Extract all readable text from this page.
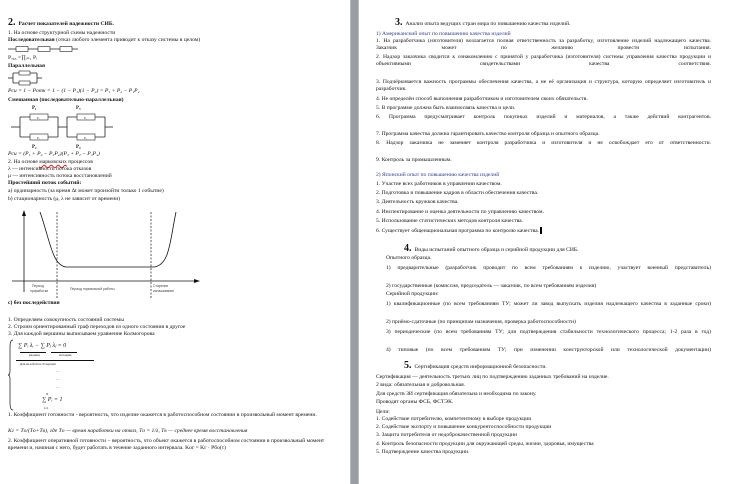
2. Расчет показателей надежности СИБ.
1. На основе структурной схемы надежности
Последовательная (отказ любого элемента приводит к отказу системы в целом)
Pₒ₆₃ =∏ᵢ₌₁ Pᵢ
Параллельная
Pси = 1 − Pотк = 1 − (1 − P₁)(1 − P₂) = P₁ + P₂ − P₁P₂
Смешанная (последовательно-параллельная)
P₁	P₃
P₁
P₁
P₃
P₃
P₂	P₄
Pси = (P₁ + P₂ − P₁P₂)(P₃ + P₄ − P₃P₄)
2. На основе марковских процессов
λ — интенсивность потока отказов
μ — интенсивность потока восстановлений
Простейший поток событий:
a) ординарность (за время Δt может произойти только 1 событие)
b) стационарность (μ, λ не зависит от времени)
Период
приработки	Период нормальной работы
Старение
изнашивание
c) без последействия
1. Определяем совокупность состояний системы
2. Строим ориентированный граф переходов из одного состояния в другое
3. Для каждой вершины выписываем уравнение Колмогорова
∑ Pᵢ λᵢ − ∑ Pⱼ λⱼ = 0
входящ	исходящ
Для каждой из N вершин
...
...
...
N
∑ Pᵢ = 1
i=1
1. Коэффициент готовности - вероятность, что изделие окажется в работоспособном состоянии в произвольный момент времени.
Kг = Tо/(Tо+Tв), где Tо — время наработки на отказ, Tо = 1/λ, Tв — среднее время восстановления
2. Коэффициент оперативной готовности − вероятность, что объект окажется в работоспособном состоянии в произвольный момент времени и, начиная с него, будет работать в течение заданного интервала. Kог = Kг · Pбо(τ)
3. Анализ опыта ведущих стран мира по повышению качества изделий.
1) Американский опыт по повышению качества изделий
1. На разработчика (изготовителя) возлагается полная ответственность за разработку, изготовление изделий надлежащего качества. Заказчик может по желанию провести испытания.
2. Надзор заказчика сводится к ознакомлению с принятой у разработчика (изготовителя) системы управления качества продукции и объективными свидетельствами качества соответствия.
3. Подчёркивается важность программы обеспечения качества, а не её организация и структура, которую определяет изготовитель и разработчик.
4. Не определён способ выполнения разработчиком и изготовителем своих обязательств.
5. В программе должна быть взаимосвязь качества и цели.
6. Программа предусматривает контроль покупных изделий и материалов, а также действий контрагентов.
7. Программа качества должна гарантировать качество контроля образца и опытного образца.
8. Надзор заказчика не заменяет контроля разработчика и изготовителя и не освобождает его от ответственности.
9. Контроль за промышленным.
2) Японский опыт по повышению качества изделий
1. Участие всех работников в управлении качеством.
2. Подготовка и повышение кадров в области обеспечения качества.
3. Деятельность кружков качества.
4. Инспектирование и оценка деятельности по управлению качеством.
5. Использование статистических методов контроля качества.
6. Существует общенациональная программа по контролю качества.
4. Виды испытаний опытного образца и серийной продукции для СИБ.
Опытного образца.
1) предварительные (разработчик проводит по всем требованиям к изделию, участвует военный представитель)
2) государственные (комиссия, председатель — заказчик, по всем требованиям изделия)
Серийной продукции:
1) квалификационные (по всем требованиям ТУ; может ли завод выпускать изделия надлежащего качества в заданные сроки)
2) приёмо-сдаточные (по принципам назначения, проверка работоспособности)
3) периодические (по всем требованиям ТУ; для подтверждения стабильности технологического процесса; 1-2 раза в год)
4) типовые (по всем требованиям ТУ; при изменении конструкторской или технологической документации)
5. Сертификация средств информационной безопасности.
Сертификация — деятельность третьих лиц по подтверждению заданных требований на изделие.
2 вида: обязательная и добровольная.
Для средств ЗИ сертификация обязательна и необходима по закону.
Проводят органы ФСБ, ФСТЭК.
Цели:
1. Содействие потребителю, компетентному в выборе продукции
2. Содействие экспорту и повышение конкурентоспособности продукции
3. Защита потребителя от недоброкачественной продукции
4. Контроль безопасности продукции для окружающей среды, жизни, здоровья, имущества
5. Подтверждение качества продукции.
